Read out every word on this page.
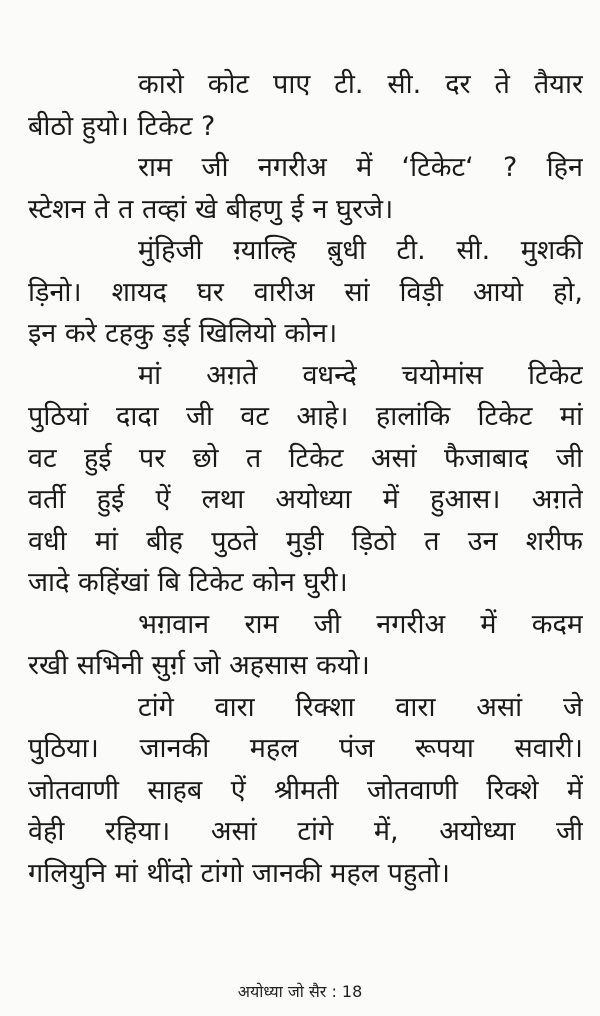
कारो कोट पाए टी. सी. दर ते तैयार
बीठो हुयो। टिकेट ?
राम जी नगरीअ में ‘टिकेट‘ ? हिन
स्टेशन ते त तव्हां खे बीहणु ई न घुरजे।
मुंहिजी ग़्याल्हि ब़ुधी टी. सी. मुशकी
ड़िनो। शायद घर वारीअ सां विड़ी आयो हो,
इन करे टहकु ड़ई खिलियो कोन।
मां अग़ते वधन्दे चयोमांस टिकेट
पुठियां दादा जी वट आहे। हालांकि टिकेट मां
वट हुई पर छो त टिकेट असां फैजाबाद जी
वर्ती हुई ऐं लथा अयोध्या में हुआस। अग़ते
वधी मां बीह पुठते मुड़ी ड़िठो त उन शरीफ
जादे कहिंखां बि टिकेट कोन घुरी।
भग़वान राम जी नगरीअ में कदम
रखी सभिनी सुर्ग़ जो अहसास कयो।
टांगे वारा रिक्शा वारा असां जे
पुठिया। जानकी महल पंज रूपया सवारी।
जोतवाणी साहब ऐं श्रीमती जोतवाणी रिक्शे में
वेही रहिया। असां टांगे में, अयोध्या जी
गलियुनि मां थींदो टांगो जानकी महल पहुतो।
अयोध्या जो सैर : 18
